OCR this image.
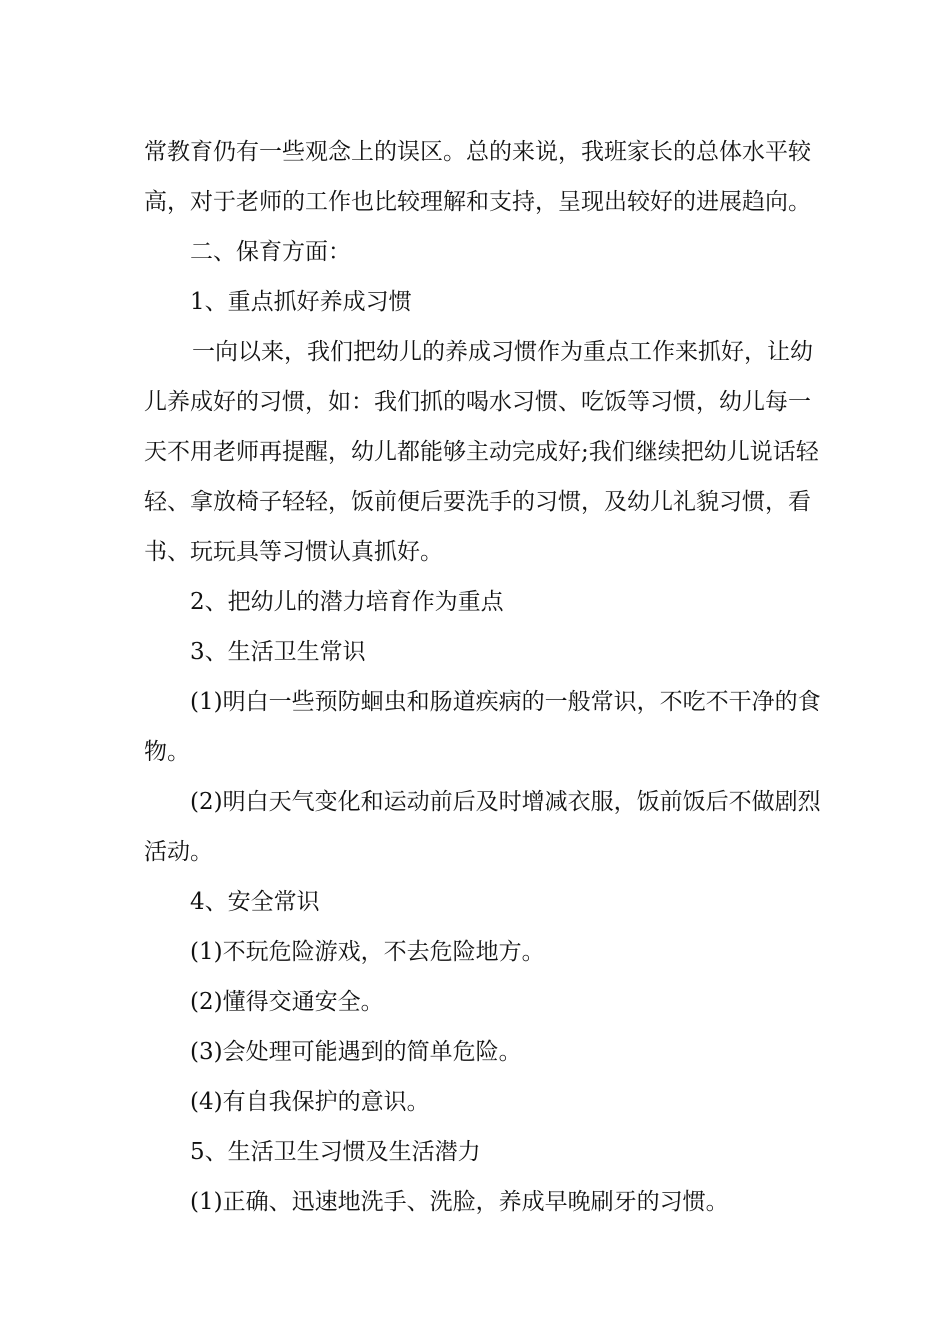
常教育仍有一些观念上的误区。总的来说，我班家长的总体水平较

高，对于老师的工作也比较理解和支持，呈现出较好的进展趋向。

二、保育方面：

1、重点抓好养成习惯

一向以来，我们把幼儿的养成习惯作为重点工作来抓好，让幼

儿养成好的习惯，如：我们抓的喝水习惯、吃饭等习惯，幼儿每一

天不用老师再提醒，幼儿都能够主动完成好;我们继续把幼儿说话轻

轻、拿放椅子轻轻，饭前便后要洗手的习惯，及幼儿礼貌习惯，看

书、玩玩具等习惯认真抓好。

2、把幼儿的潜力培育作为重点

3、生活卫生常识

(1)明白一些预防蛔虫和肠道疾病的一般常识，不吃不干净的食

物。

(2)明白天气变化和运动前后及时增减衣服，饭前饭后不做剧烈

活动。

4、安全常识

(1)不玩危险游戏，不去危险地方。

(2)懂得交通安全。

(3)会处理可能遇到的简单危险。

(4)有自我保护的意识。

5、生活卫生习惯及生活潜力

(1)正确、迅速地洗手、洗脸，养成早晚刷牙的习惯。
